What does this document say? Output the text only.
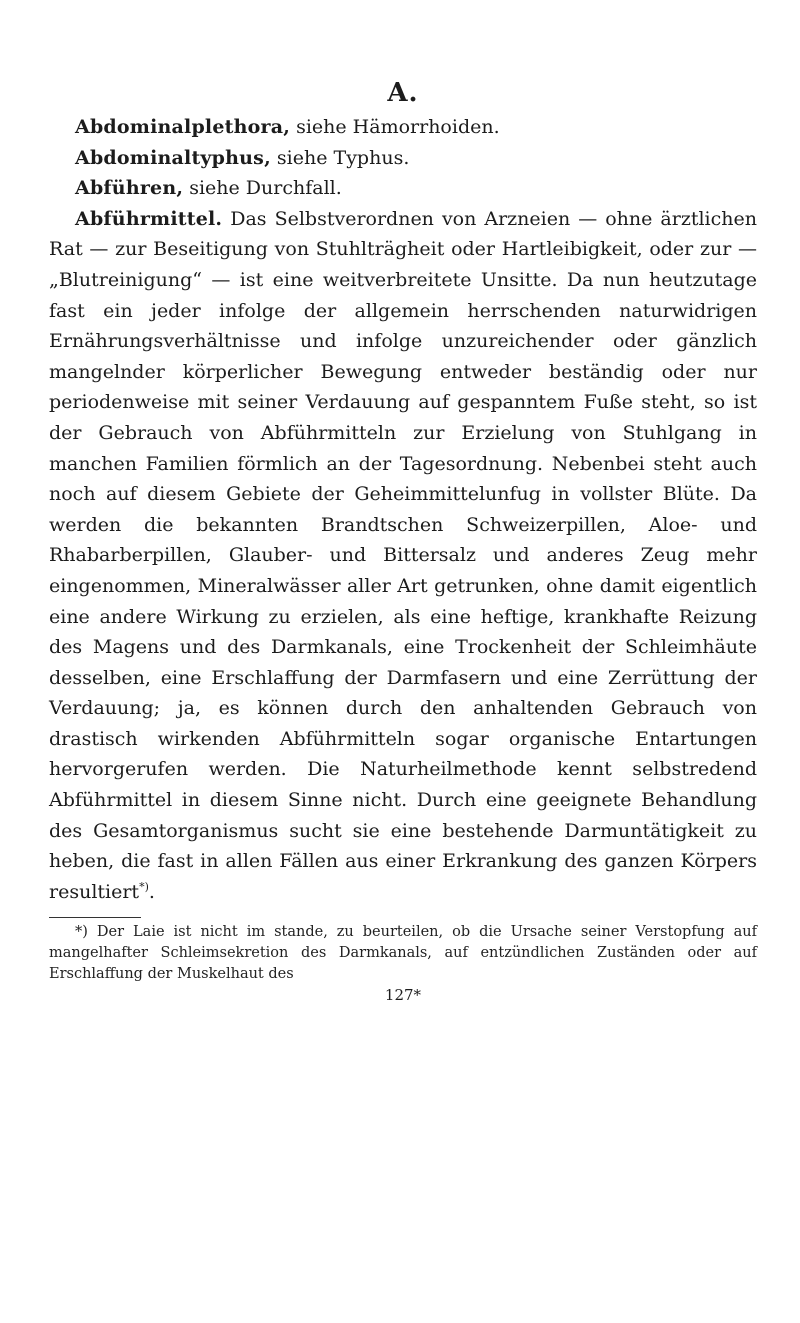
A.

Abdominalplethora, siehe Hämorrhoiden.

Abdominaltyphus, siehe Typhus.

Abführen, siehe Durchfall.

Abführmittel. Das Selbstverordnen von Arzneien — ohne ärztlichen Rat — zur Beseitigung von Stuhlträgheit oder Hartleibigkeit, oder zur — „Blutreinigung“ — ist eine weitverbreitete Unsitte. Da nun heutzutage fast ein jeder infolge der allgemein herrschenden naturwidrigen Ernährungsverhältnisse und infolge unzureichender oder gänzlich mangelnder körperlicher Bewegung entweder beständig oder nur periodenweise mit seiner Verdauung auf gespanntem Fuße steht, so ist der Gebrauch von Abführmitteln zur Erzielung von Stuhlgang in manchen Familien förmlich an der Tagesordnung. Nebenbei steht auch noch auf diesem Gebiete der Geheimmittelunfug in vollster Blüte. Da werden die bekannten Brandtschen Schweizerpillen, Aloe- und Rhabarberpillen, Glauber- und Bittersalz und anderes Zeug mehr eingenommen, Mineralwässer aller Art getrunken, ohne damit eigentlich eine andere Wirkung zu erzielen, als eine heftige, krankhafte Reizung des Magens und des Darmkanals, eine Trockenheit der Schleimhäute desselben, eine Erschlaffung der Darmfasern und eine Zerrüttung der Verdauung; ja, es können durch den anhaltenden Gebrauch von drastisch wirkenden Abführmitteln sogar organische Entartungen hervorgerufen werden. Die Naturheilmethode kennt selbstredend Abführmittel in diesem Sinne nicht. Durch eine geeignete Behandlung des Gesamtorganismus sucht sie eine bestehende Darmuntätigkeit zu heben, die fast in allen Fällen aus einer Erkrankung des ganzen Körpers resultiert*).

*) Der Laie ist nicht im stande, zu beurteilen, ob die Ursache seiner Verstopfung auf mangelhafter Schleimsekretion des Darmkanals, auf entzündlichen Zuständen oder auf Erschlaffung der Muskelhaut des

127*
